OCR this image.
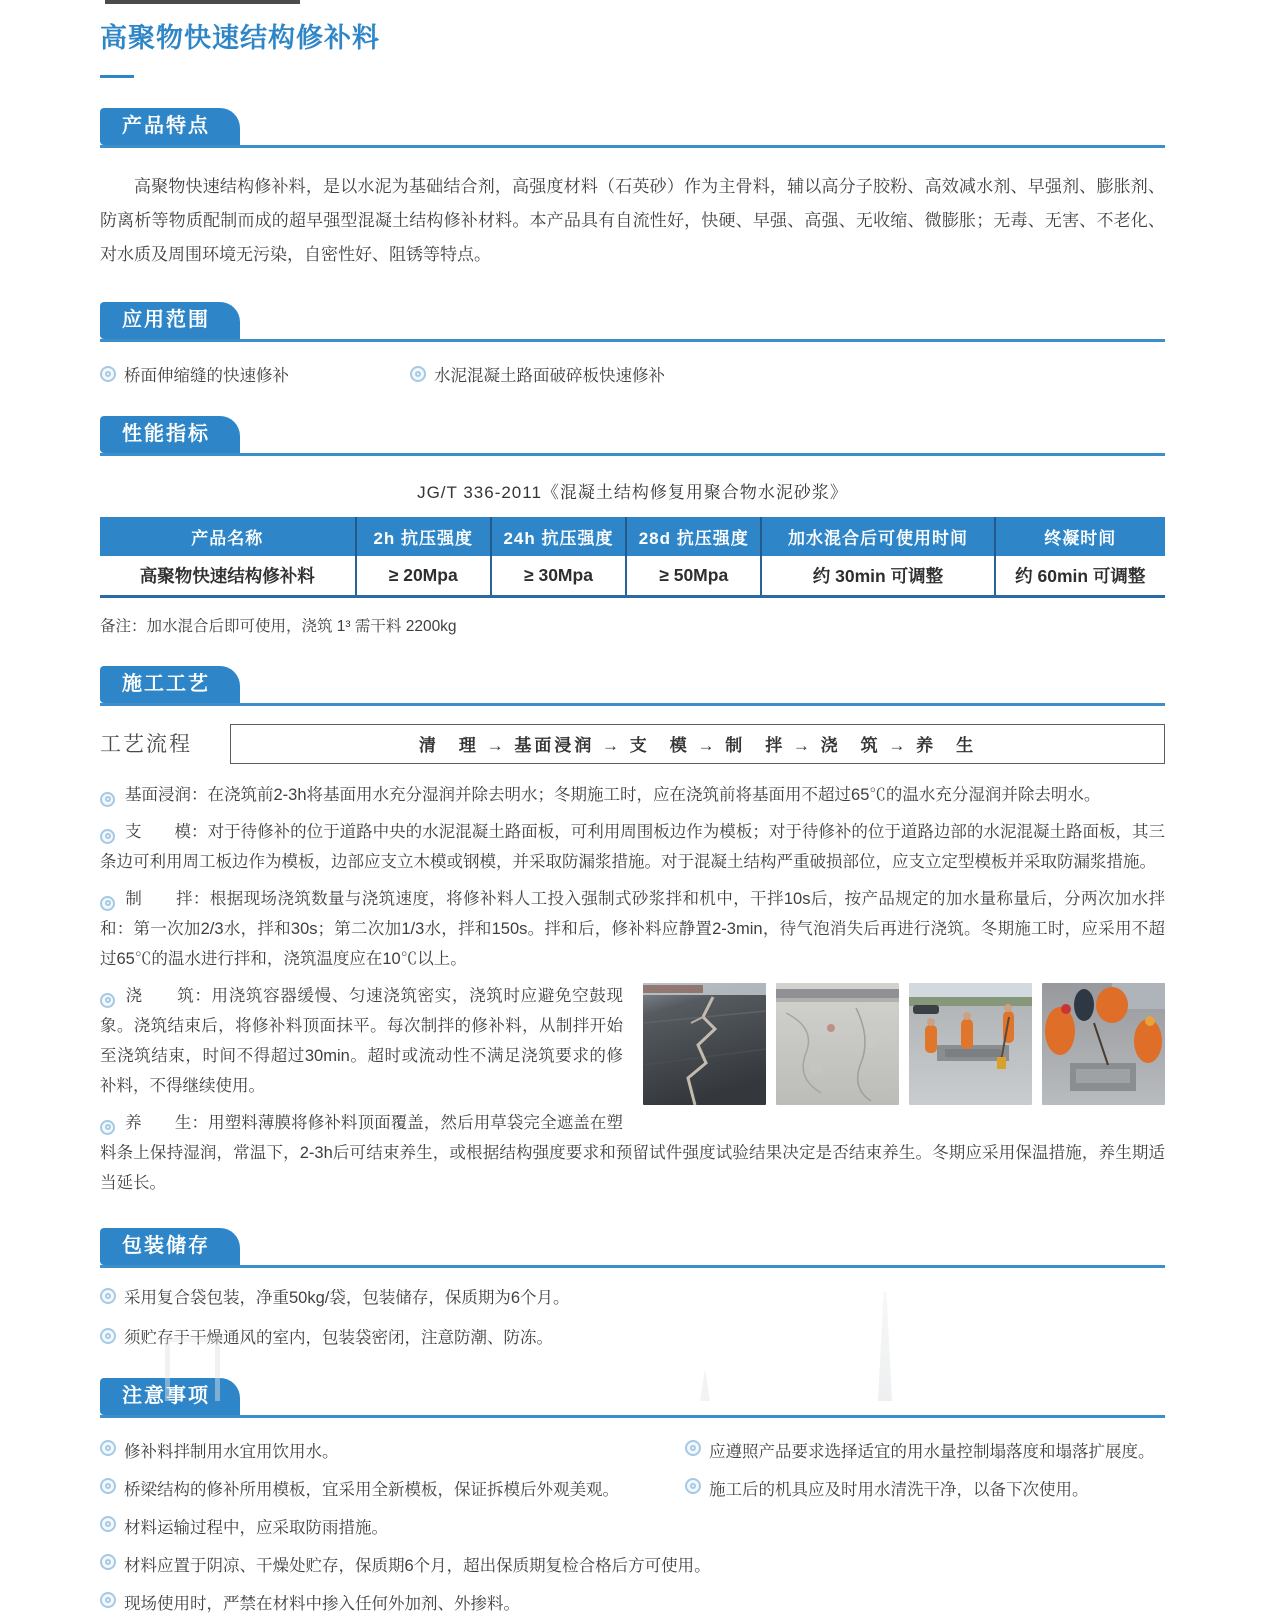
高聚物快速结构修补料
产品特点

高聚物快速结构修补料，是以水泥为基础结合剂，高强度材料（石英砂）作为主骨料，辅以高分子胶粉、高效减水剂、早强剂、膨胀剂、防离析等物质配制而成的超早强型混凝土结构修补材料。本产品具有自流性好，快硬、早强、高强、无收缩、微膨胀；无毒、无害、不老化、对水质及周围环境无污染，自密性好、阻锈等特点。

应用范围
桥面伸缩缝的快速修补	水泥混凝土路面破碎板快速修补
性能指标
JG/T 336-2011《混凝土结构修复用聚合物水泥砂浆》
产品名称	2h 抗压强度	24h 抗压强度	28d 抗压强度	加水混合后可使用时间	终凝时间
高聚物快速结构修补料	≥ 20Mpa	≥ 30Mpa	≥ 50Mpa	约 30min 可调整	约 60min 可调整
备注：加水混合后即可使用，浇筑 1³ 需干料 2200kg
施工工艺
工艺流程	清　理 → 基面浸润 → 支　模 → 制　拌 → 浇　筑 → 养　生
基面浸润：在浇筑前2-3h将基面用水充分湿润并除去明水；冬期施工时，应在浇筑前将基面用不超过65℃的温水充分湿润并除去明水。
支　　模：对于待修补的位于道路中央的水泥混凝土路面板，可利用周围板边作为模板；对于待修补的位于道路边部的水泥混凝土路面板，其三条边可利用周工板边作为模板，边部应支立木模或钢模，并采取防漏浆措施。对于混凝土结构严重破损部位，应支立定型模板并采取防漏浆措施。
制　　拌：根据现场浇筑数量与浇筑速度，将修补料人工投入强制式砂浆拌和机中，干拌10s后，按产品规定的加水量称量后，分两次加水拌和：第一次加2/3水，拌和30s；第二次加1/3水，拌和150s。拌和后，修补料应静置2-3min，待气泡消失后再进行浇筑。冬期施工时，应采用不超过65℃的温水进行拌和，浇筑温度应在10℃以上。
浇　　筑：用浇筑容器缓慢、匀速浇筑密实，浇筑时应避免空鼓现象。浇筑结束后，将修补料顶面抹平。每次制拌的修补料，从制拌开始至浇筑结束，时间不得超过30min。超时或流动性不满足浇筑要求的修补料，不得继续使用。
养　　生：用塑料薄膜将修补料顶面覆盖，然后用草袋完全遮盖在塑料条上保持湿润，常温下，2-3h后可结束养生，或根据结构强度要求和预留试件强度试验结果决定是否结束养生。冬期应采用保温措施，养生期适当延长。
包装储存
采用复合袋包装，净重50kg/袋，包装储存，保质期为6个月。
须贮存于干燥通风的室内，包装袋密闭，注意防潮、防冻。
注意事项
修补料拌制用水宜用饮用水。	应遵照产品要求选择适宜的用水量控制塌落度和塌落扩展度。
桥梁结构的修补所用模板，宜采用全新模板，保证拆模后外观美观。	施工后的机具应及时用水清洗干净，以备下次使用。
材料运输过程中，应采取防雨措施。
材料应置于阴凉、干燥处贮存，保质期6个月，超出保质期复检合格后方可使用。
现场使用时，严禁在材料中掺入任何外加剂、外掺料。
